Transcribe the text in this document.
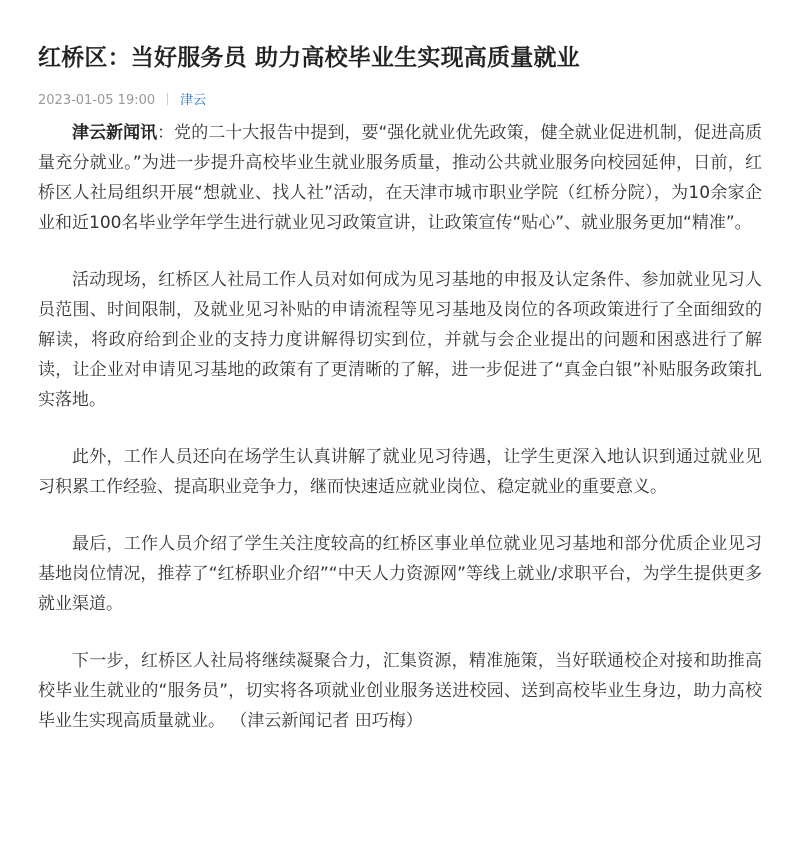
红桥区：当好服务员 助力高校毕业生实现高质量就业
2023-01-05 19:00 津云

津云新闻讯：党的二十大报告中提到，要“强化就业优先政策，健全就业促进机制，促进高质量充分就业。”为进一步提升高校毕业生就业服务质量，推动公共就业服务向校园延伸，日前，红桥区人社局组织开展“想就业、找人社”活动，在天津市城市职业学院（红桥分院），为10余家企业和近100名毕业学年学生进行就业见习政策宣讲，让政策宣传“贴心”、就业服务更加“精准”。

活动现场，红桥区人社局工作人员对如何成为见习基地的申报及认定条件、参加就业见习人员范围、时间限制，及就业见习补贴的申请流程等见习基地及岗位的各项政策进行了全面细致的解读，将政府给到企业的支持力度讲解得切实到位，并就与会企业提出的问题和困惑进行了解读，让企业对申请见习基地的政策有了更清晰的了解，进一步促进了“真金白银”补贴服务政策扎实落地。

此外，工作人员还向在场学生认真讲解了就业见习待遇，让学生更深入地认识到通过就业见习积累工作经验、提高职业竞争力，继而快速适应就业岗位、稳定就业的重要意义。

最后，工作人员介绍了学生关注度较高的红桥区事业单位就业见习基地和部分优质企业见习基地岗位情况，推荐了“红桥职业介绍”“中天人力资源网”等线上就业/求职平台，为学生提供更多就业渠道。

下一步，红桥区人社局将继续凝聚合力，汇集资源，精准施策，当好联通校企对接和助推高校毕业生就业的“服务员”，切实将各项就业创业服务送进校园、送到高校毕业生身边，助力高校毕业生实现高质量就业。 （津云新闻记者 田巧梅）
